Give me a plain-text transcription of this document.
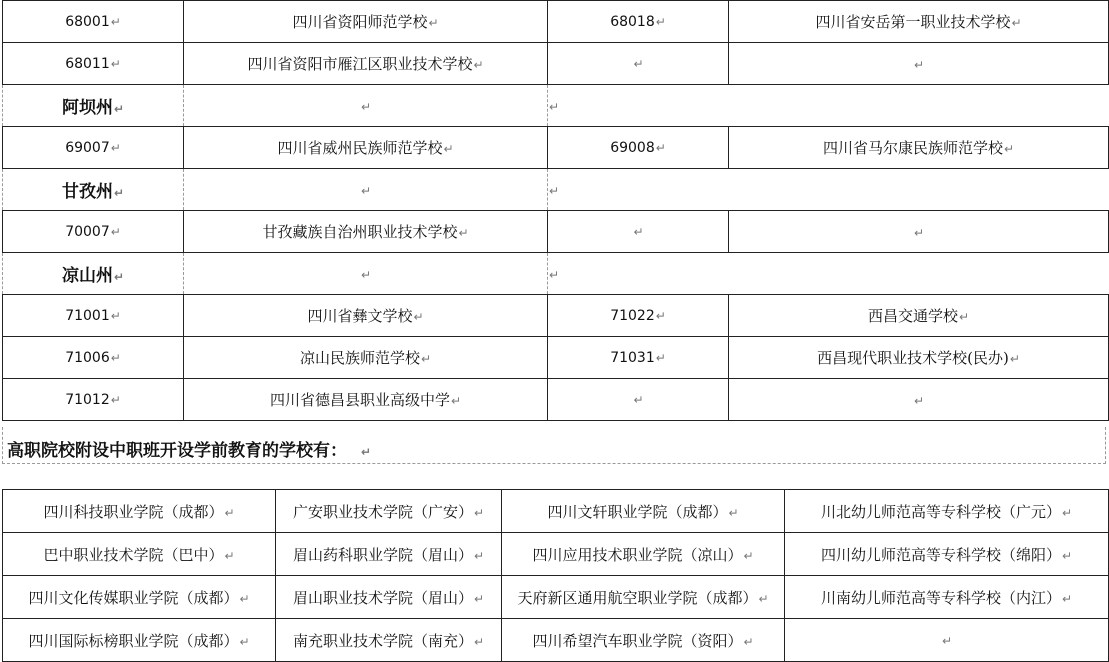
68001↵	四川省资阳师范学校↵	68018↵	四川省安岳第一职业技术学校↵
68011↵	四川省资阳市雁江区职业技术学校↵	↵	↵
阿坝州↵	↵	↵	
69007↵	四川省威州民族师范学校↵	69008↵	四川省马尔康民族师范学校↵
甘孜州↵	↵	↵	
70007↵	甘孜藏族自治州职业技术学校↵	↵	↵
凉山州↵	↵	↵	
71001↵	四川省彝文学校↵	71022↵	西昌交通学校↵
71006↵	凉山民族师范学校↵	71031↵	西昌现代职业技术学校(民办)↵
71012↵	四川省德昌县职业高级中学↵	↵	↵
高职院校附设中职班开设学前教育的学校有： ↵
四川科技职业学院（成都）↵	广安职业技术学院（广安）↵	四川文轩职业学院（成都）↵	川北幼儿师范高等专科学校（广元）↵
巴中职业技术学院（巴中）↵	眉山药科职业学院（眉山）↵	四川应用技术职业学院（凉山）↵	四川幼儿师范高等专科学校（绵阳）↵
四川文化传媒职业学院（成都）↵	眉山职业技术学院（眉山）↵	天府新区通用航空职业学院（成都）↵	川南幼儿师范高等专科学校（内江）↵
四川国际标榜职业学院（成都）↵	南充职业技术学院（南充）↵	四川希望汽车职业学院（资阳）↵	↵
